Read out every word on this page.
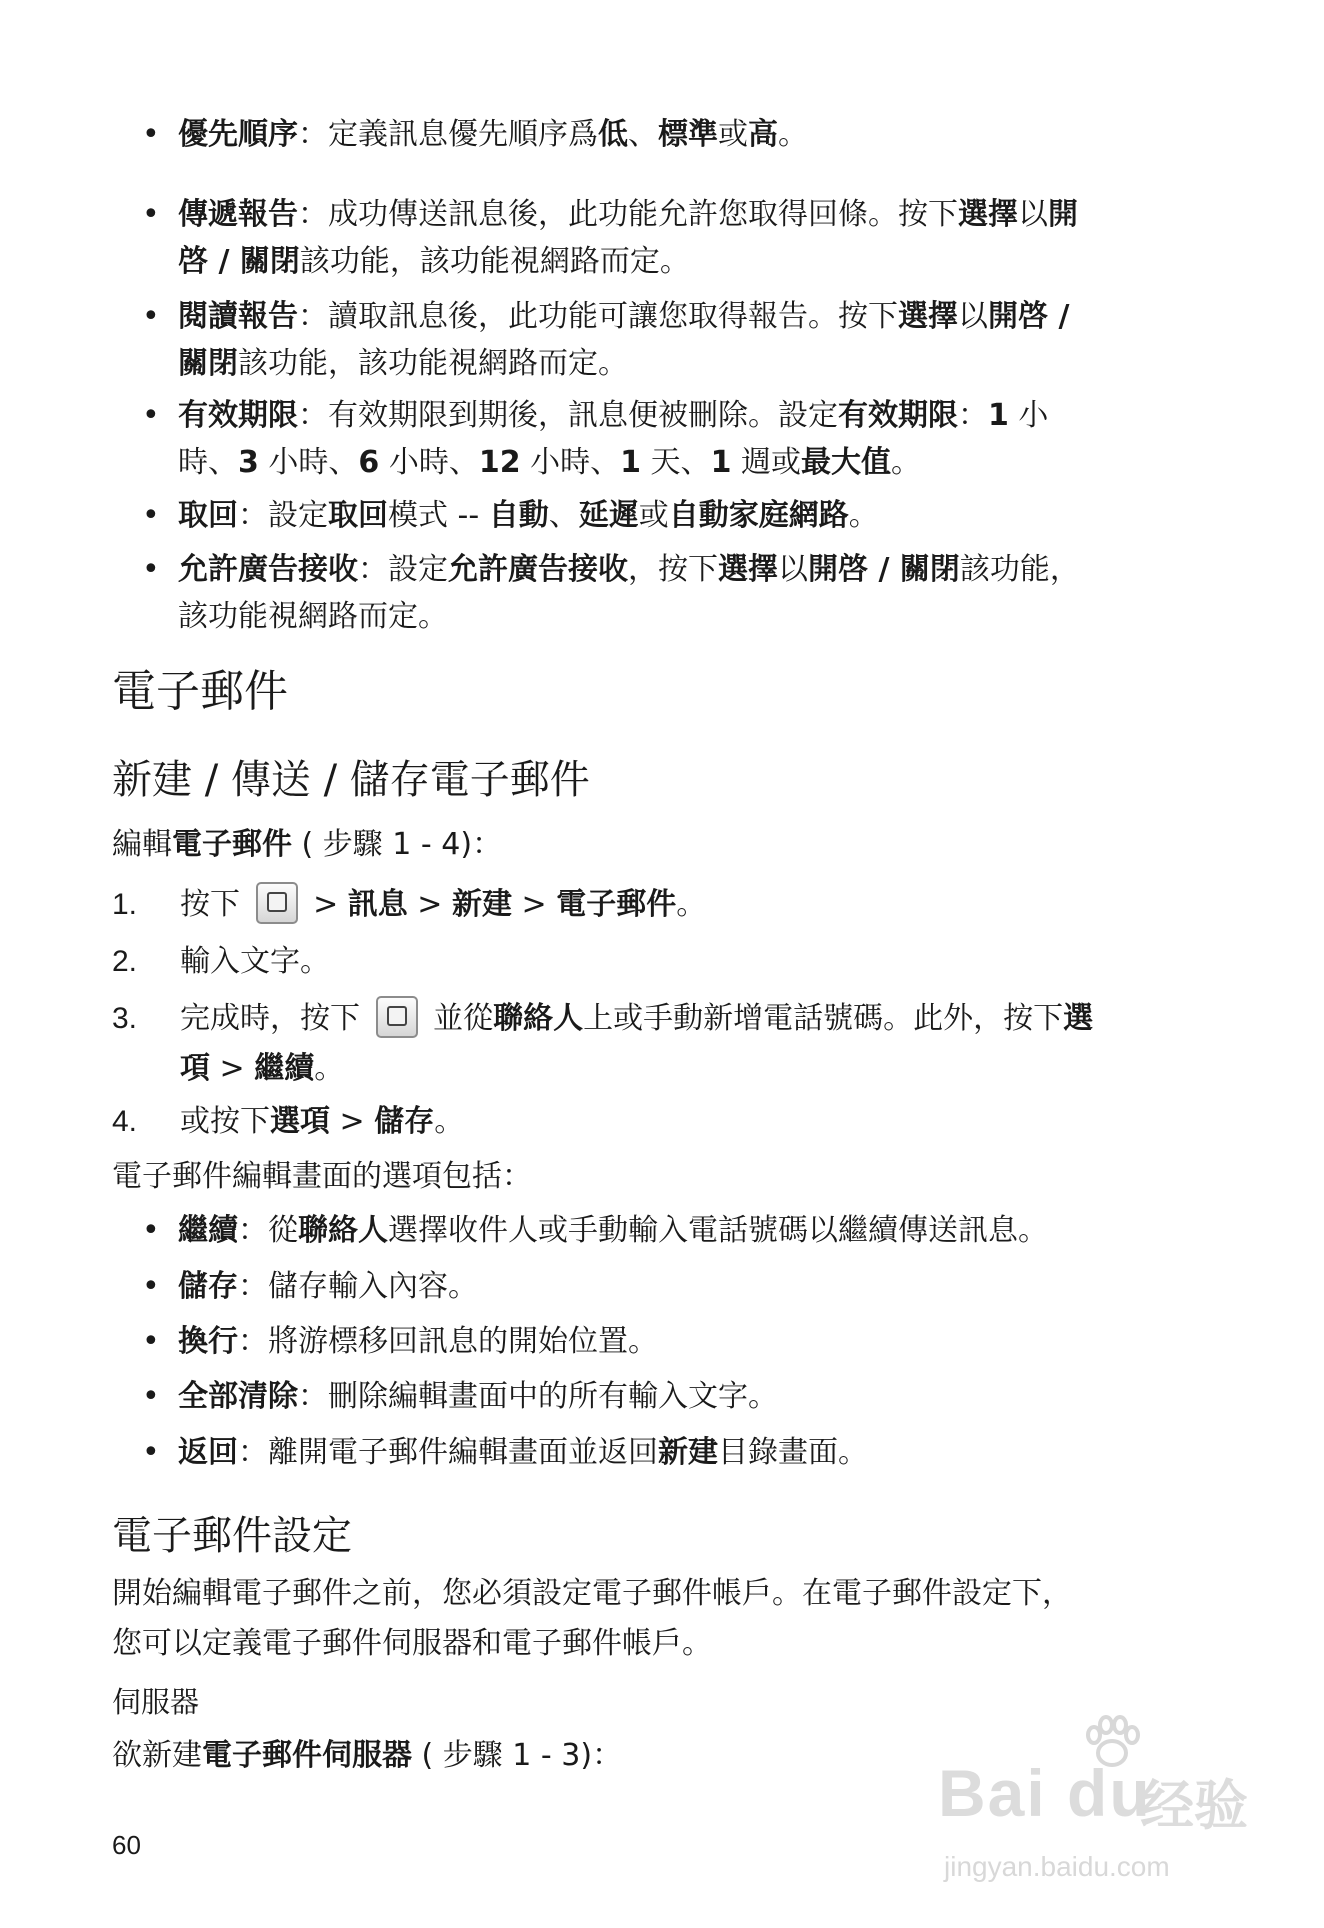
• 優先順序：定義訊息優先順序爲低、標準或高。
• 傳遞報告：成功傳送訊息後，此功能允許您取得回條。按下選擇以開
啓 / 關閉該功能，該功能視網路而定。
• 閱讀報告：讀取訊息後，此功能可讓您取得報告。按下選擇以開啓 /
關閉該功能，該功能視網路而定。
• 有效期限：有效期限到期後，訊息便被刪除。設定有效期限：1 小
時、3 小時、6 小時、12 小時、1 天、1 週或最大值。
• 取回：設定取回模式 -- 自動、延遲或自動家庭網路。
• 允許廣告接收：設定允許廣告接收，按下選擇以開啓 / 關閉該功能，
該功能視網路而定。
電子郵件
新建 / 傳送 / 儲存電子郵件
編輯電子郵件 ( 步驟 1 - 4)：
1.	按下  > 訊息 > 新建 > 電子郵件。
2.	輸入文字。
3.	完成時，按下  並從聯絡人上或手動新增電話號碼。此外，按下選
項 > 繼續。
4.	或按下選項 > 儲存。
電子郵件編輯畫面的選項包括：
• 繼續：從聯絡人選擇收件人或手動輸入電話號碼以繼續傳送訊息。
• 儲存：儲存輸入內容。
• 換行：將游標移回訊息的開始位置。
• 全部清除：刪除編輯畫面中的所有輸入文字。
• 返回：離開電子郵件編輯畫面並返回新建目錄畫面。
電子郵件設定
開始編輯電子郵件之前，您必須設定電子郵件帳戶。在電子郵件設定下，
您可以定義電子郵件伺服器和電子郵件帳戶。
伺服器
欲新建電子郵件伺服器 ( 步驟 1 - 3)：
60
Bai du
经验
jingyan.baidu.com
